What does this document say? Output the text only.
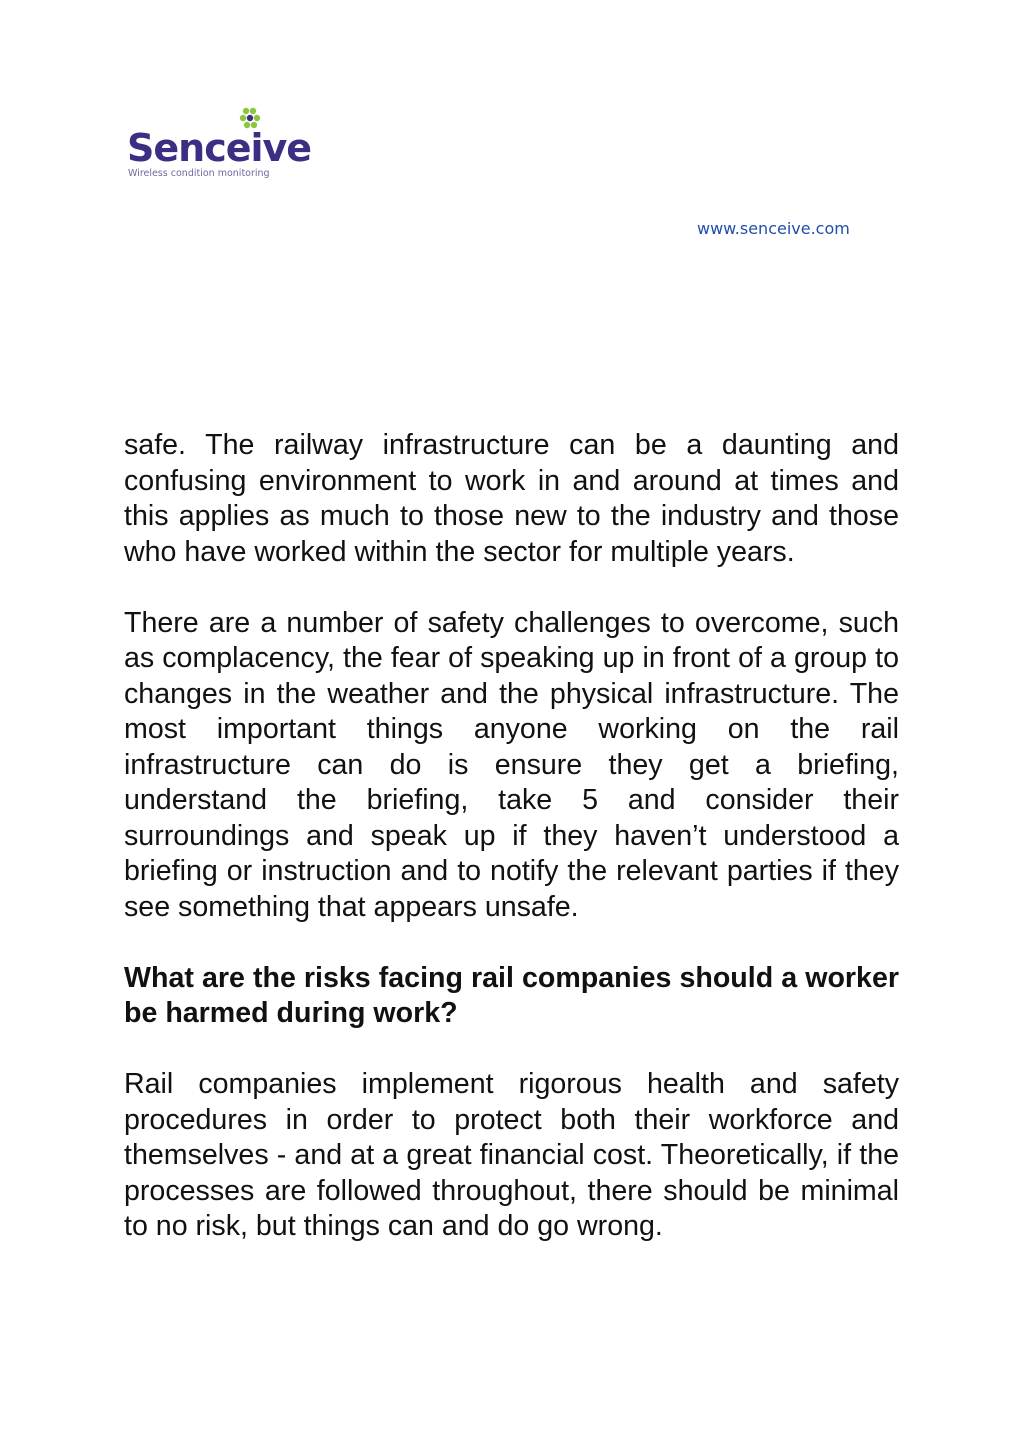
Senceive
Wireless condition monitoring
www.senceive.com

safe. The railway infrastructure can be a daunting and confusing environment to work in and around at times and this applies as much to those new to the industry and those who have worked within the sector for multiple years.

There are a number of safety challenges to overcome, such as complacency, the fear of speaking up in front of a group to changes in the weather and the physical infrastructure. The most important things anyone working on the rail infrastructure can do is ensure they get a briefing, understand the briefing, take 5 and consider their surroundings and speak up if they haven’t understood a briefing or instruction and to notify the relevant parties if they see something that appears unsafe.

What are the risks facing rail companies should a worker be harmed during work?

Rail companies implement rigorous health and safety procedures in order to protect both their workforce and themselves - and at a great financial cost. Theoretically, if the processes are followed throughout, there should be minimal to no risk, but things can and do go wrong.
